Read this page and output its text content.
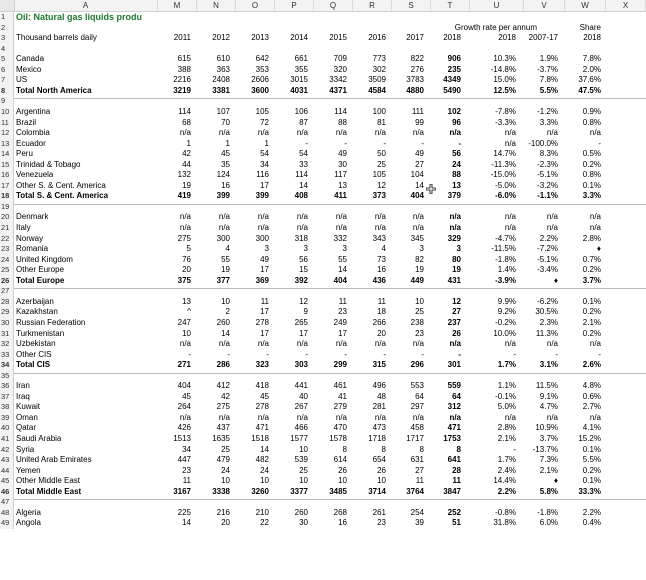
A	M	N	O	P	Q	R	S	T	U	V	W	X
1	Oil: Natural gas liquids produ
2
3	Thousand barrels daily	2011	2012	2013	2014	2015	2016	2017 2018	2018 2007-17	2018
4
5	Canada	615	610	642	661	709	773	822	906	10.3%	1.9%	7.8%
6	Mexico	388	363	353	355	320	302	276	235	-14.8%	-3.7%	2.0%
7	US	2216	2408	2606	3015	3342	3509	3783 4349	15.0%	7.8%	37.6%
8	Total North America	3219	3381	3600	4031	4371	4584	4880 5490	12.5%	5.5%	47.5%
9
10 Argentina	114	107	105	106	114	100	111	102	-7.8%	-1.2%	0.9%
11 Brazil	68	70	72	87	88	81	99	96	-3.3%	3.3%	0.8%
12 Colombia	n/a	n/a	n/a	n/a	n/a	n/a	n/a	n/a	n/a	n/a	n/a
13 Ecuador	1	1	1	-	-	-	-	-	n/a -100.0%	-
14 Peru	42	45	54	54	49	50	49	56	14.7%	8.3%	0.5%
15 Trinidad & Tobago	44	35	34	33	30	25	27	24	-11.3%	-2.3%	0.2%
16 Venezuela	132	124	116	114	117	105	104	88	-15.0%	-5.1%	0.8%
17 Other S. & Cent. America	19	16	17	14	13	12	14	13	-5.0%	-3.2%	0.1%
18 Total S. & Cent. America	419	399	399	408	411	373	404	379	-6.0%	-1.1%	3.3%
19
20 Denmark	n/a	n/a	n/a	n/a	n/a	n/a	n/a	n/a	n/a	n/a	n/a
21 Italy	n/a	n/a	n/a	n/a	n/a	n/a	n/a	n/a	n/a	n/a	n/a
22 Norway	275	300	300	318	332	343	345	329	-4.7%	2.2%	2.8%
23 Romania	5	4	3	3	3	4	3	3	-11.5%	-7.2%	♦
24 United Kingdom	76	55	49	56	55	73	82	80	-1.8%	-5.1%	0.7%
25 Other Europe	20	19	17	15	14	16	19	19	1.4%	-3.4%	0.2%
26 Total Europe	375	377	369	392	404	436	449	431	-3.9%	♦	3.7%
27
28 Azerbaijan	13	10	11	12	11	11	10	12	9.9%	-6.2%	0.1%
29 Kazakhstan	^	2	17	9	23	18	25	27	9.2% 30.5%	0.2%
30 Russian Federation	247	260	278	265	249	266	238	237	-0.2%	2.3%	2.1%
31 Turkmenistan	10	14	17	17	17	20	23	26	10.0% 11.3%	0.2%
32 Uzbekistan	n/a	n/a	n/a	n/a	n/a	n/a	n/a	n/a	n/a	n/a	n/a
33 Other CIS	-	-	-	-	-	-	-	-	-	-	-
34 Total CIS	271	286	323	303	299	315	296	301	1.7%	3.1%	2.6%
35
36 Iran	404	412	418	441	461	496	553	559	1.1% 11.5%	4.8%
37 Iraq	45	42	45	40	41	48	64	64	-0.1%	9.1%	0.6%
38 Kuwait	264	275	278	267	279	281	297	312	5.0%	4.7%	2.7%
39 Oman	n/a	n/a	n/a	n/a	n/a	n/a	n/a	n/a	n/a	n/a	n/a
40 Qatar	426	437	471	466	470	473	458	471	2.8% 10.9%	4.1%
41 Saudi Arabia	1513	1635	1518	1577	1578	1718	1717 1753	2.1%	3.7%	15.2%
42 Syria	34	25	14	10	8	8	8	8	- -13.7%	0.1%
43 United Arab Emirates	447	479	482	539	614	654	631	641	1.7%	7.3%	5.5%
44 Yemen	23	24	24	25	26	26	27	28	2.4%	2.1%	0.2%
45 Other Middle East	11	10	10	10	10	10	11	11	14.4%	♦	0.1%
46 Total Middle East	3167	3338	3260	3377	3485	3714	3764 3847	2.2%	5.8%	33.3%
47
48 Algeria	225	216	210	260	268	261	254	252	-0.8%	-1.8%	2.2%
49 Angola	14	20	22	30	16	23	39	51	31.8%	6.0%	0.4%
Growth rate per annum	Share
